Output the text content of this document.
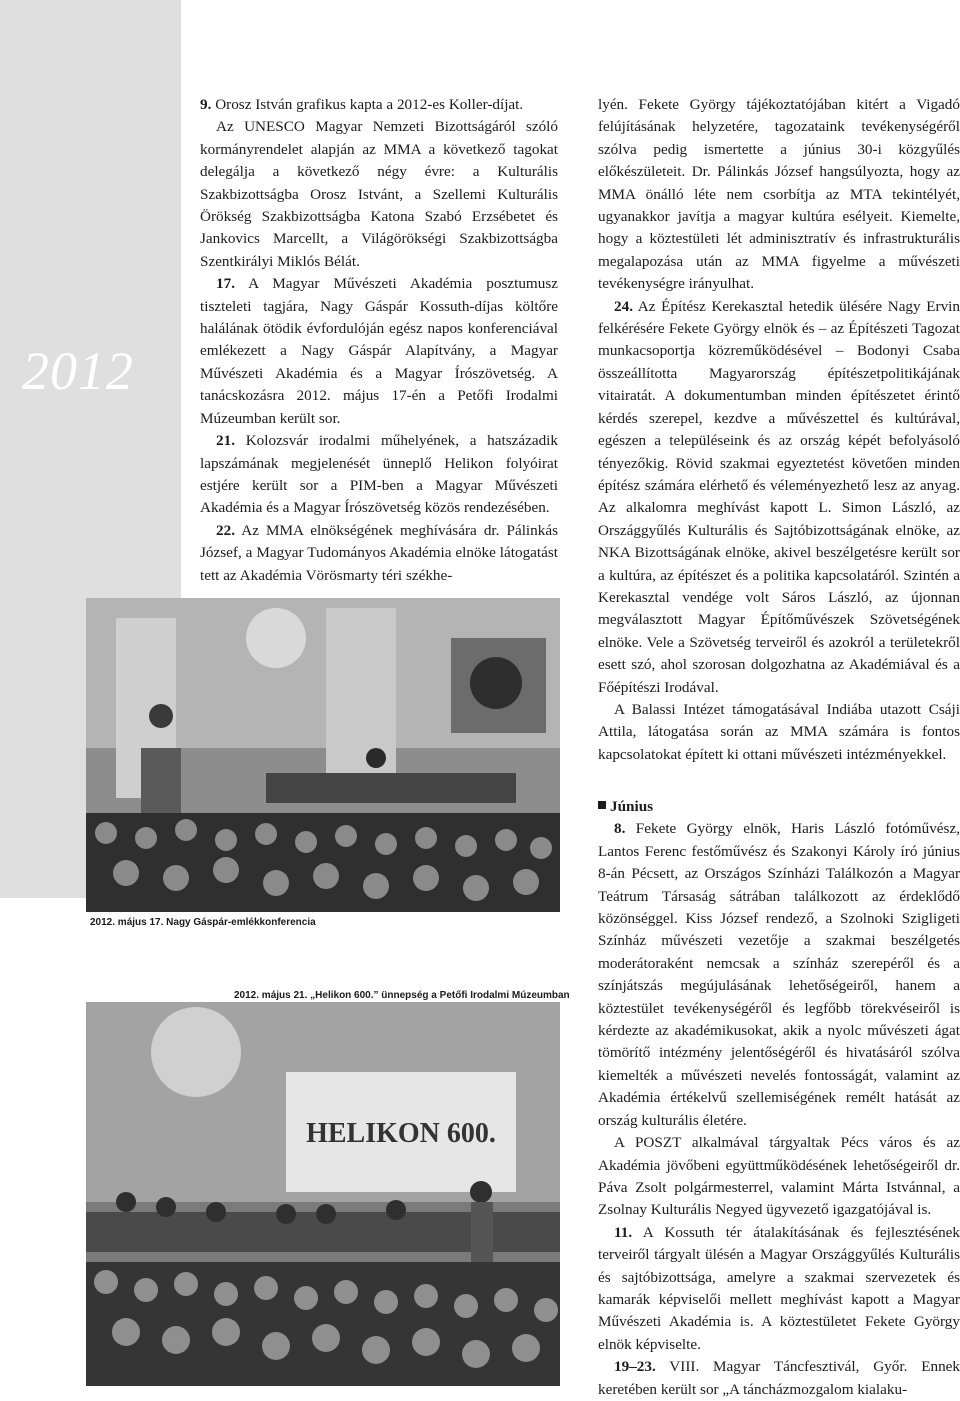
2012

9. Orosz István grafikus kapta a 2012-es Koller-díjat.

Az UNESCO Magyar Nemzeti Bizottságáról szóló kormányrendelet alapján az MMA a következő tagokat delegálja a következő négy évre: a Kulturális Szakbizottságba Orosz Istvánt, a Szellemi Kulturális Örökség Szakbizottságba Katona Szabó Erzsébetet és Jankovics Marcellt, a Világörökségi Szakbizottságba Szentkirályi Miklós Bélát.

17. A Magyar Művészeti Akadémia posztumusz tiszteleti tagjára, Nagy Gáspár Kossuth-díjas költőre halálának ötödik évfordulóján egész napos konferenciával emlékezett a Nagy Gáspár Alapítvány, a Magyar Művészeti Akadémia és a Magyar Írószövetség. A tanácskozásra 2012. május 17-én a Petőfi Irodalmi Múzeumban került sor.

21. Kolozsvár irodalmi műhelyének, a hatszázadik lapszámának megjelenését ünneplő Helikon folyóirat estjére került sor a PIM-ben a Magyar Művészeti Akadémia és a Magyar Írószövetség közös rendezésében.

22. Az MMA elnökségének meghívására dr. Pálinkás József, a Magyar Tudományos Akadémia elnöke látogatást tett az Akadémia Vörösmarty téri székhe-

lyén. Fekete György tájékoztatójában kitért a Vigadó felújításának helyzetére, tagozataink tevékenységéről szólva pedig ismertette a június 30-i közgyűlés előkészületeit. Dr. Pálinkás József hangsúlyozta, hogy az MMA önálló léte nem csorbítja az MTA tekintélyét, ugyanakkor javítja a magyar kultúra esélyeit. Kiemelte, hogy a köztestületi lét adminisztratív és infrastrukturális megalapozása után az MMA figyelme a művészeti tevékenységre irányulhat.

24. Az Építész Kerekasztal hetedik ülésére Nagy Ervin felkérésére Fekete György elnök és – az Építészeti Tagozat munkacsoportja közreműködésével – Bodonyi Csaba összeállította Magyarország építészetpolitikájának vitairatát. A dokumentumban minden építészetet érintő kérdés szerepel, kezdve a művészettel és kultúrával, egészen a településeink és az ország képét befolyásoló tényezőkig. Rövid szakmai egyeztetést követően minden építész számára elérhető és véleményezhető lesz az anyag. Az alkalomra meghívást kapott L. Simon László, az Országgyűlés Kulturális és Sajtóbizottságának elnöke, az NKA Bizottságának elnöke, akivel beszélgetésre került sor a kultúra, az építészet és a politika kapcsolatáról. Szintén a Kerekasztal vendége volt Sáros László, az újonnan megválasztott Magyar Építőművészek Szövetségének elnöke. Vele a Szövetség terveiről és azokról a területekről esett szó, ahol szorosan dolgozhatna az Akadémiával és a Főépítészi Irodával.

A Balassi Intézet támogatásával Indiába utazott Csáji Attila, látogatása során az MMA számára is fontos kapcsolatokat épített ki ottani művészeti intézményekkel.

2012. május 17. Nagy Gáspár-emlékkonferencia
2012. május 21. „Helikon 600.” ünnepség a Petőfi Irodalmi Múzeumban
HELIKON 600.

Június

8. Fekete György elnök, Haris László fotóművész, Lantos Ferenc festőművész és Szakonyi Károly író június 8-án Pécsett, az Országos Színházi Találkozón a Magyar Teátrum Társaság sátrában találkozott az érdeklődő közönséggel. Kiss József rendező, a Szolnoki Szigligeti Színház művészeti vezetője a szakmai beszélgetés moderátoraként nemcsak a színház szerepéről és a színjátszás megújulásának lehetőségeiről, hanem a köztestület tevékenységéről és legfőbb törekvéseiről is kérdezte az akadémikusokat, akik a nyolc művészeti ágat tömörítő intézmény jelentőségéről és hivatásáról szólva kiemelték a művészeti nevelés fontosságát, valamint az Akadémia értékelvű szellemiségének remélt hatását az ország kulturális életére.

A POSZT alkalmával tárgyaltak Pécs város és az Akadémia jövőbeni együttműködésének lehetőségeiről dr. Páva Zsolt polgármesterrel, valamint Márta Istvánnal, a Zsolnay Kulturális Negyed ügyvezető igazgatójával is.

11. A Kossuth tér átalakításának és fejlesztésének terveiről tárgyalt ülésén a Magyar Országgyűlés Kulturális és sajtóbizottsága, amelyre a szakmai szervezetek és kamarák képviselői mellett meghívást kapott a Magyar Művészeti Akadémia is. A köztestületet Fekete György elnök képviselte.

19–23. VIII. Magyar Táncfesztivál, Győr. Ennek keretében került sor „A táncházmozgalom kialaku-
